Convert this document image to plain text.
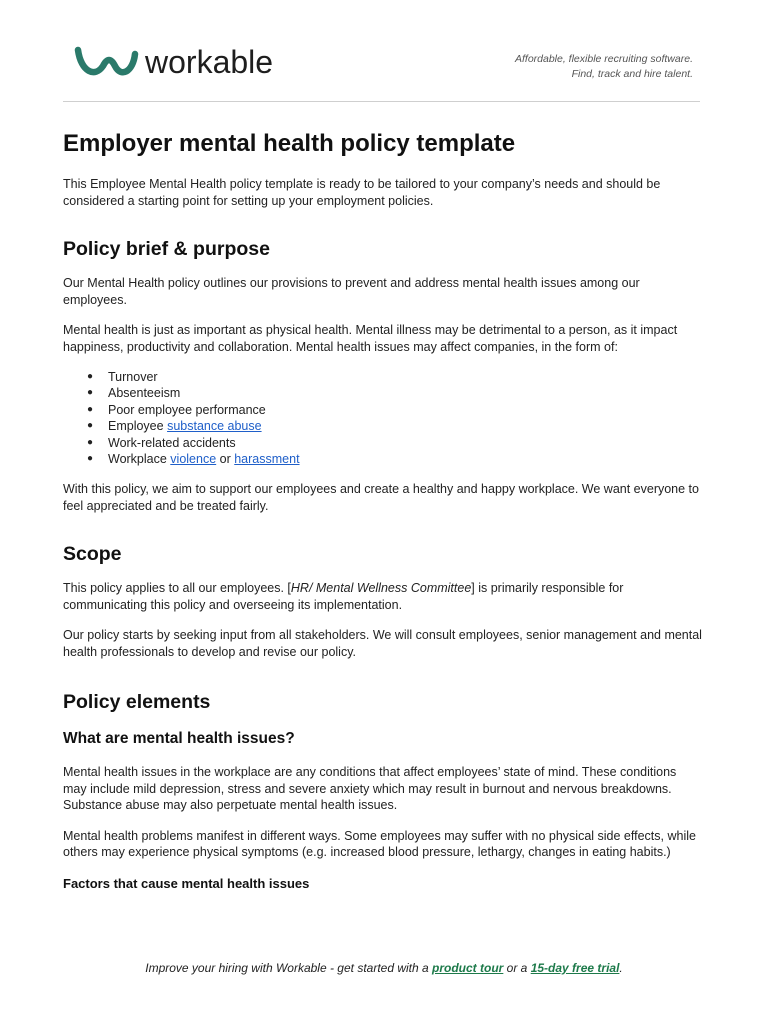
workable	Affordable, flexible recruiting software.
Find, track and hire talent.
Employer mental health policy template

This Employee Mental Health policy template is ready to be tailored to your company’s needs and should be considered a starting point for setting up your employment policies.

Policy brief & purpose

Our Mental Health policy outlines our provisions to prevent and address mental health issues among our employees.

Mental health is just as important as physical health. Mental illness may be detrimental to a person, as it impact happiness, productivity and collaboration. Mental health issues may affect companies, in the form of:

● Turnover
● Absenteeism
● Poor employee performance
● Employee substance abuse
● Work-related accidents
● Workplace violence or harassment

With this policy, we aim to support our employees and create a healthy and happy workplace. We want everyone to feel appreciated and be treated fairly.

Scope

This policy applies to all our employees. [HR/ Mental Wellness Committee] is primarily responsible for communicating this policy and overseeing its implementation.

Our policy starts by seeking input from all stakeholders. We will consult employees, senior management and mental health professionals to develop and revise our policy.

Policy elements
What are mental health issues?

Mental health issues in the workplace are any conditions that affect employees’ state of mind. These conditions may include mild depression, stress and severe anxiety which may result in burnout and nervous breakdowns. Substance abuse may also perpetuate mental health issues.

Mental health problems manifest in different ways. Some employees may suffer with no physical side effects, while others may experience physical symptoms (e.g. increased blood pressure, lethargy, changes in eating habits.)

Factors that cause mental health issues
Improve your hiring with Workable - get started with a product tour or a 15-day free trial.
